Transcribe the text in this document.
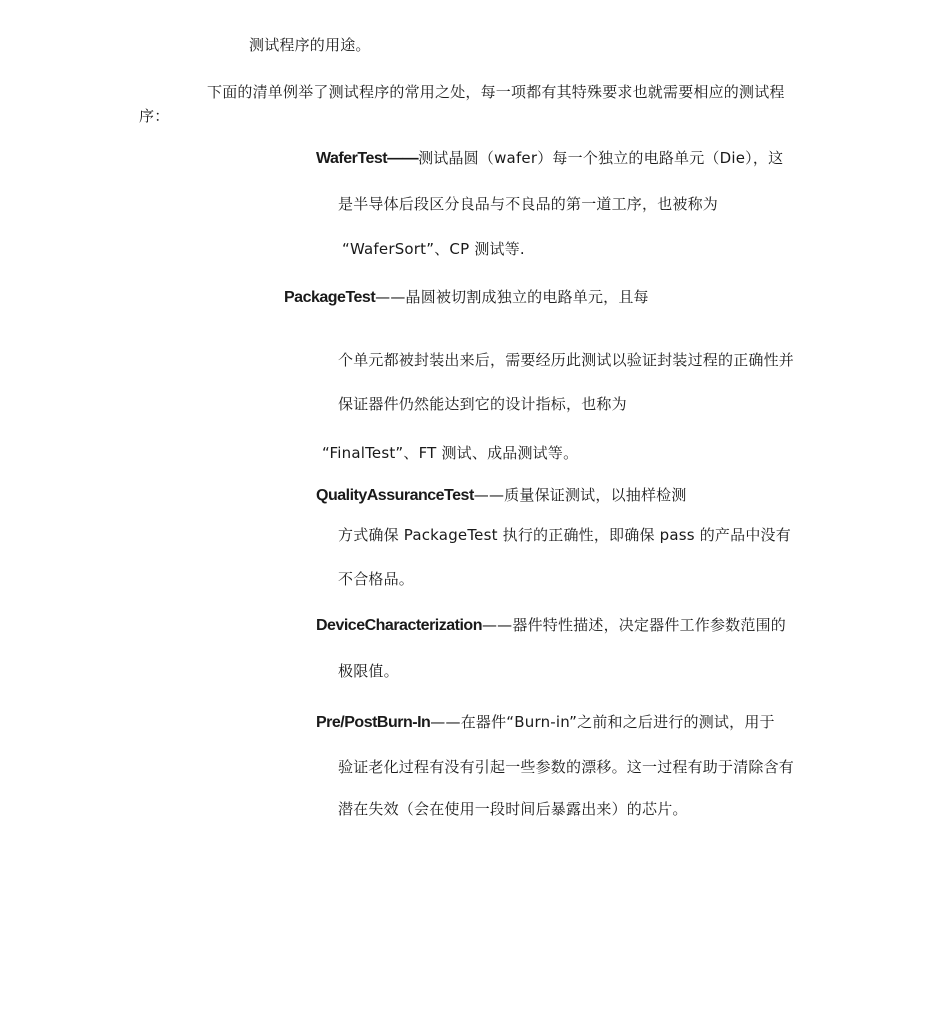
测试程序的用途。
下面的清单例举了测试程序的常用之处，每一项都有其特殊要求也就需要相应的测试程
序：
WaferTest——测试晶圆（wafer）每一个独立的电路单元（Die），这
是半导体后段区分良品与不良品的第一道工序，也被称为
“WaferSort”、CP 测试等.
PackageTest——晶圆被切割成独立的电路单元，且每
个单元都被封装出来后，需要经历此测试以验证封装过程的正确性并
保证器件仍然能达到它的设计指标，也称为
“FinalTest”、FT 测试、成品测试等。
QualityAssuranceTest——质量保证测试，以抽样检测
方式确保 PackageTest 执行的正确性，即确保 pass 的产品中没有
不合格品。
DeviceCharacterization——器件特性描述，决定器件工作参数范围的
极限值。
Pre/PostBurn-In——在器件“Burn-in”之前和之后进行的测试，用于
验证老化过程有没有引起一些参数的漂移。这一过程有助于清除含有
潜在失效（会在使用一段时间后暴露出来）的芯片。
